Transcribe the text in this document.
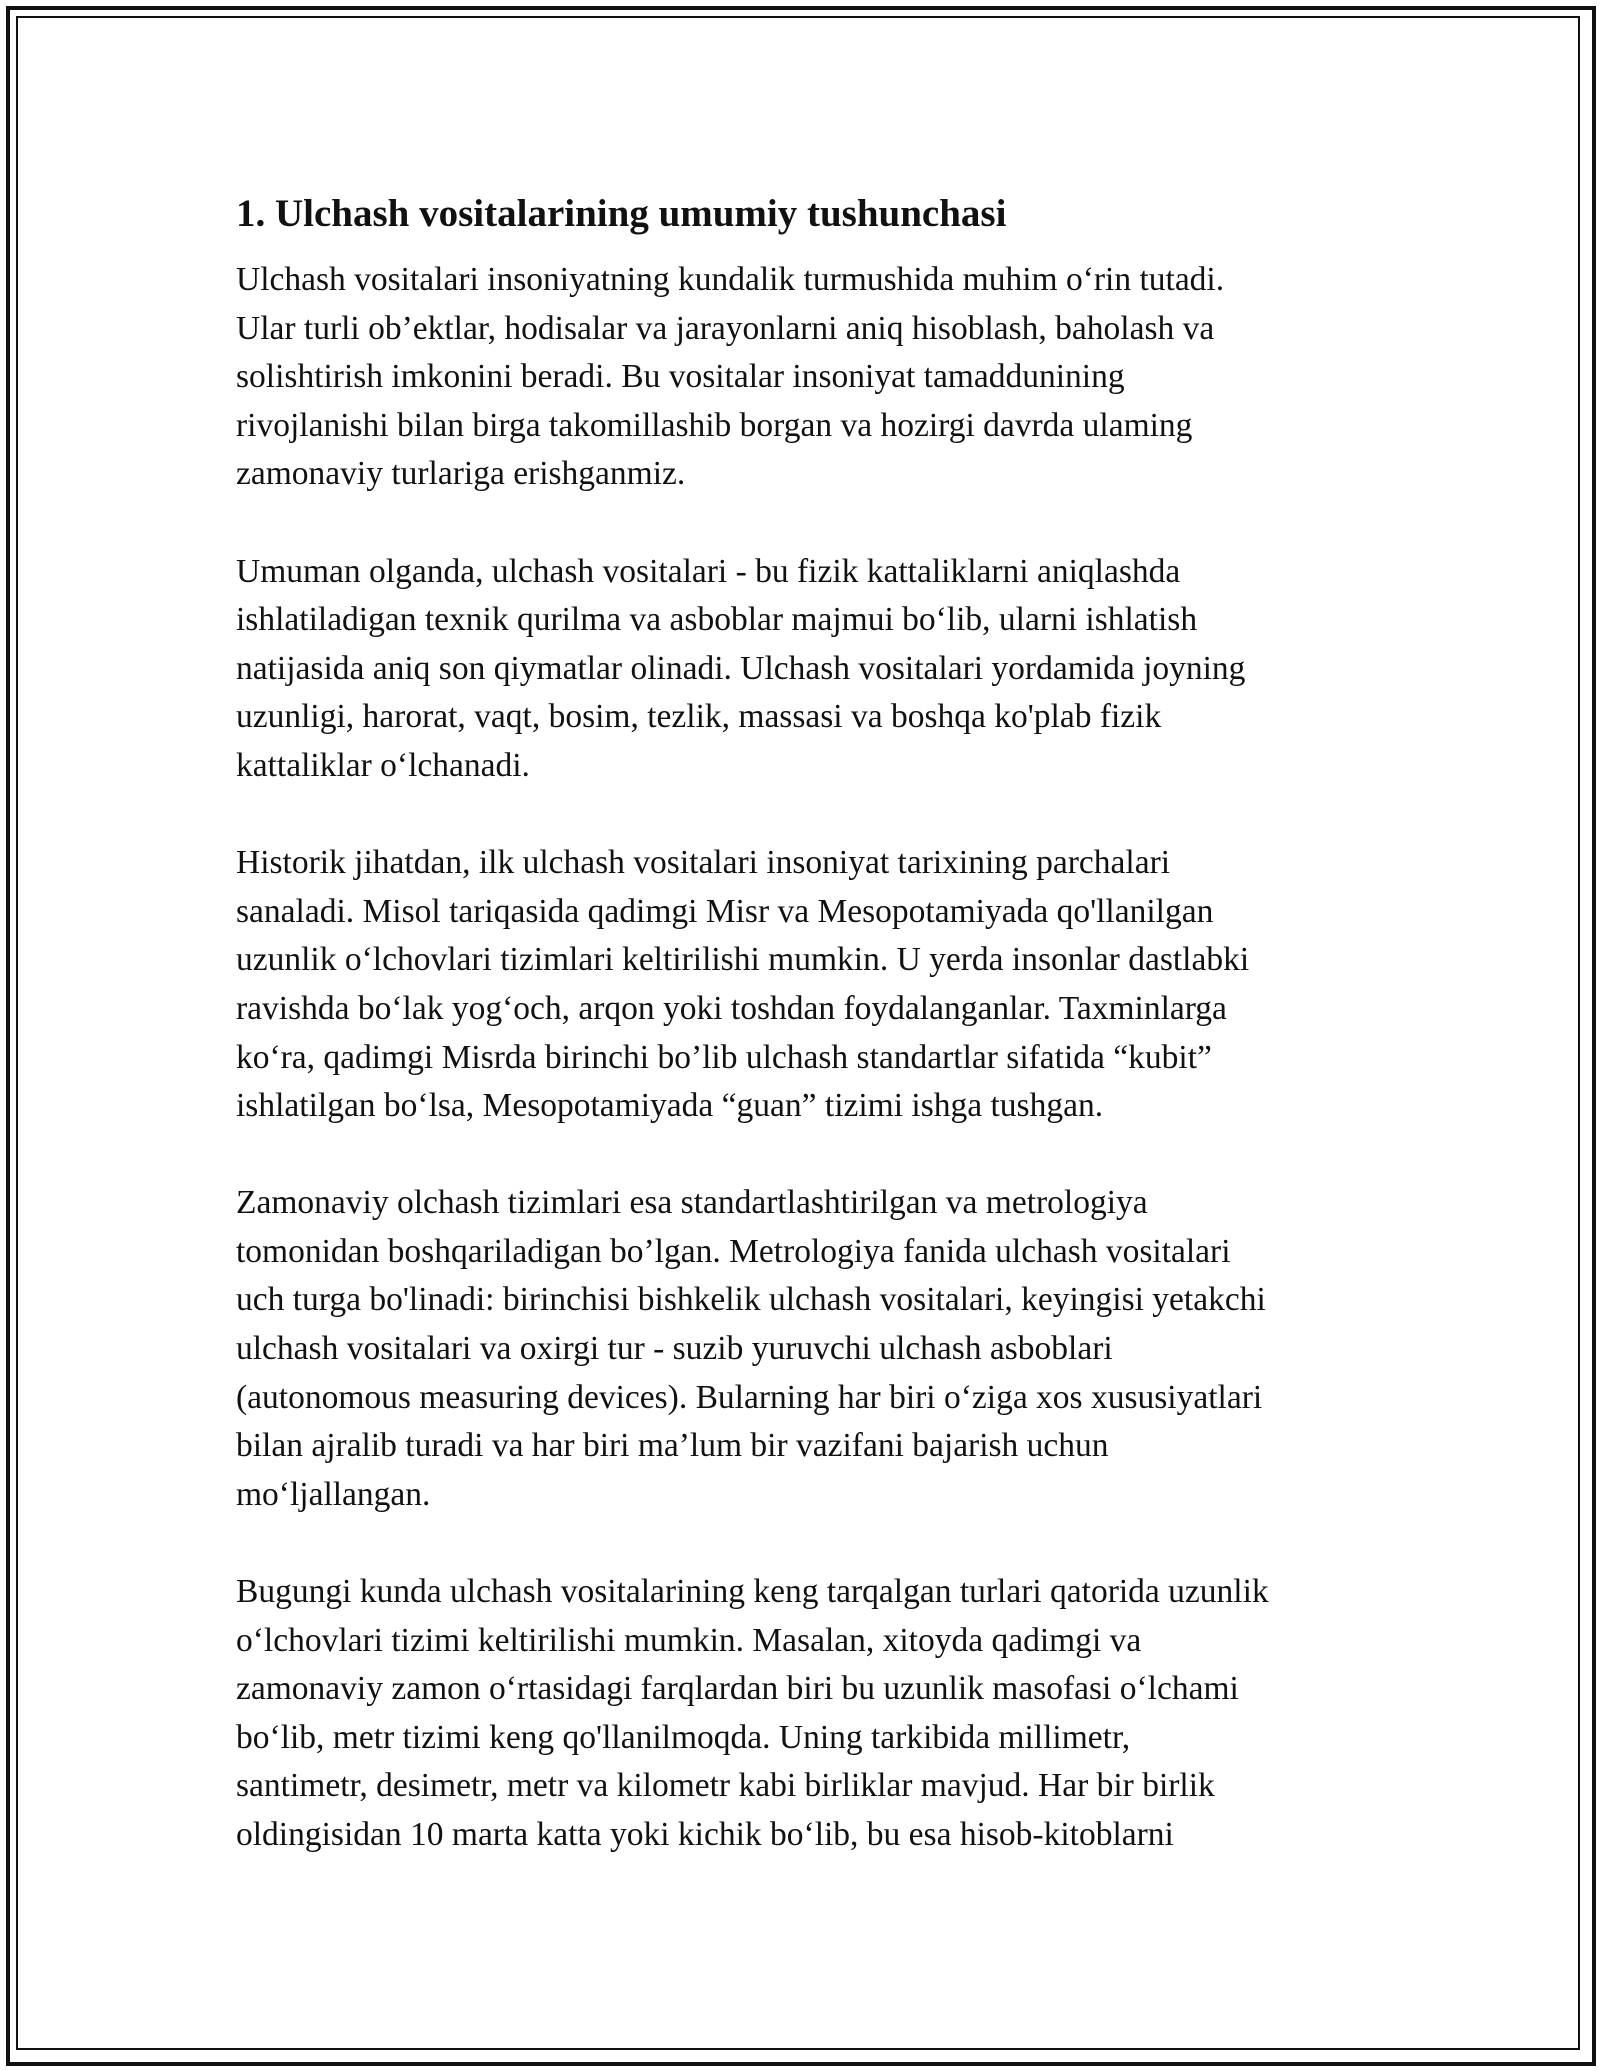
1. Ulchash vositalarining umumiy tushunchasi
Ulchash vositalari insoniyatning kundalik turmushida muhim o‘rin tutadi.
Ular turli ob’ektlar, hodisalar va jarayonlarni aniq hisoblash, baholash va
solishtirish imkonini beradi. Bu vositalar insoniyat tamaddunining
rivojlanishi bilan birga takomillashib borgan va hozirgi davrda ulaming
zamonaviy turlariga erishganmiz.
Umuman olganda, ulchash vositalari - bu fizik kattaliklarni aniqlashda
ishlatiladigan texnik qurilma va asboblar majmui bo‘lib, ularni ishlatish
natijasida aniq son qiymatlar olinadi. Ulchash vositalari yordamida joyning
uzunligi, harorat, vaqt, bosim, tezlik, massasi va boshqa ko'plab fizik
kattaliklar o‘lchanadi.
Historik jihatdan, ilk ulchash vositalari insoniyat tarixining parchalari
sanaladi. Misol tariqasida qadimgi Misr va Mesopotamiyada qo'llanilgan
uzunlik o‘lchovlari tizimlari keltirilishi mumkin. U yerda insonlar dastlabki
ravishda bo‘lak yog‘och, arqon yoki toshdan foydalanganlar. Taxminlarga
ko‘ra, qadimgi Misrda birinchi bo’lib ulchash standartlar sifatida “kubit”
ishlatilgan bo‘lsa, Mesopotamiyada “guan” tizimi ishga tushgan.
Zamonaviy olchash tizimlari esa standartlashtirilgan va metrologiya
tomonidan boshqariladigan bo’lgan. Metrologiya fanida ulchash vositalari
uch turga bo'linadi: birinchisi bishkelik ulchash vositalari, keyingisi yetakchi
ulchash vositalari va oxirgi tur - suzib yuruvchi ulchash asboblari
(autonomous measuring devices). Bularning har biri o‘ziga xos xususiyatlari
bilan ajralib turadi va har biri ma’lum bir vazifani bajarish uchun
mo‘ljallangan.
Bugungi kunda ulchash vositalarining keng tarqalgan turlari qatorida uzunlik
o‘lchovlari tizimi keltirilishi mumkin. Masalan, xitoyda qadimgi va
zamonaviy zamon o‘rtasidagi farqlardan biri bu uzunlik masofasi o‘lchami
bo‘lib, metr tizimi keng qo'llanilmoqda. Uning tarkibida millimetr,
santimetr, desimetr, metr va kilometr kabi birliklar mavjud. Har bir birlik
oldingisidan 10 marta katta yoki kichik bo‘lib, bu esa hisob-kitoblarni
